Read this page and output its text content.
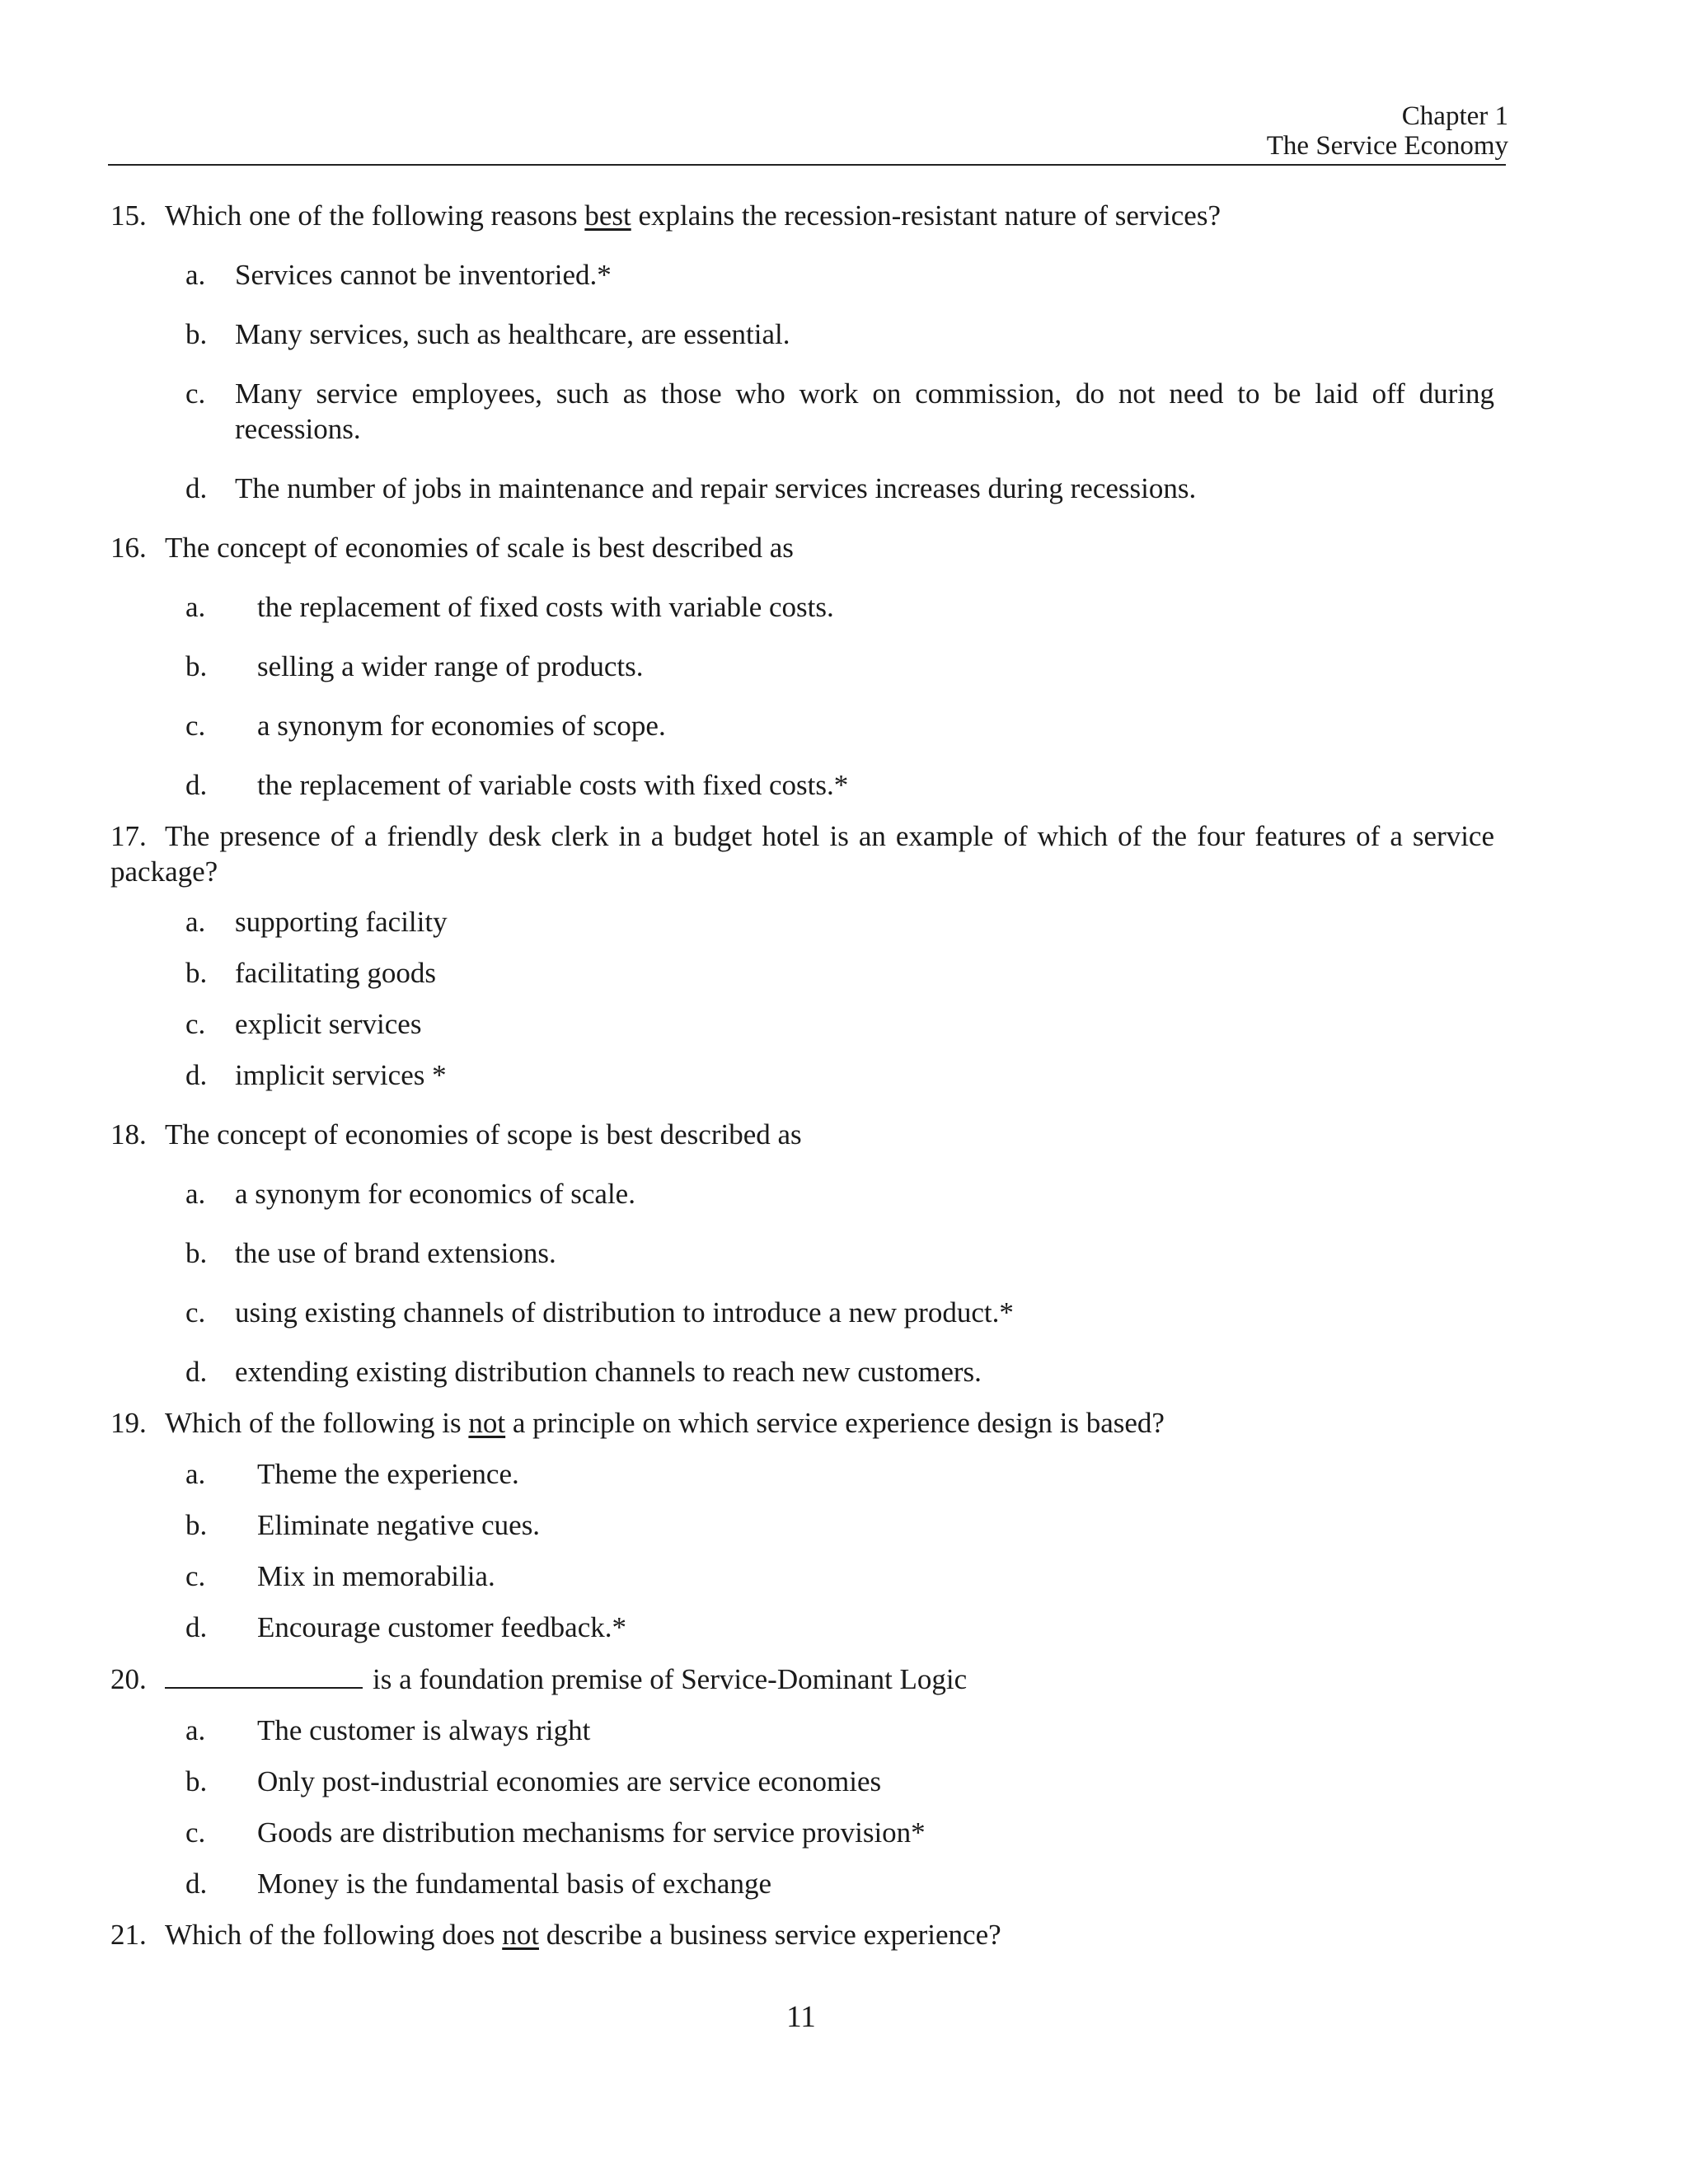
Chapter 1
The Service Economy
15. Which one of the following reasons best explains the recession-resistant nature of services?
a. Services cannot be inventoried.*
b. Many services, such as healthcare, are essential.
c. Many service employees, such as those who work on commission, do not need to be laid off during
recessions.
d. The number of jobs in maintenance and repair services increases during recessions.
16. The concept of economies of scale is best described as
a. the replacement of fixed costs with variable costs.
b. selling a wider range of products.
c. a synonym for economies of scope.
d. the replacement of variable costs with fixed costs.*
17. The presence of a friendly desk clerk in a budget hotel is an example of which of the four features of a service
package?
a. supporting facility
b. facilitating goods
c. explicit services
d. implicit services *
18. The concept of economies of scope is best described as
a. a synonym for economics of scale.
b. the use of brand extensions.
c. using existing channels of distribution to introduce a new product.*
d. extending existing distribution channels to reach new customers.
19. Which of the following is not a principle on which service experience design is based?
a. Theme the experience.
b. Eliminate negative cues.
c. Mix in memorabilia.
d. Encourage customer feedback.*
20.	is a foundation premise of Service-Dominant Logic
a. The customer is always right
b. Only post-industrial economies are service economies
c. Goods are distribution mechanisms for service provision*
d. Money is the fundamental basis of exchange
21. Which of the following does not describe a business service experience?
11
